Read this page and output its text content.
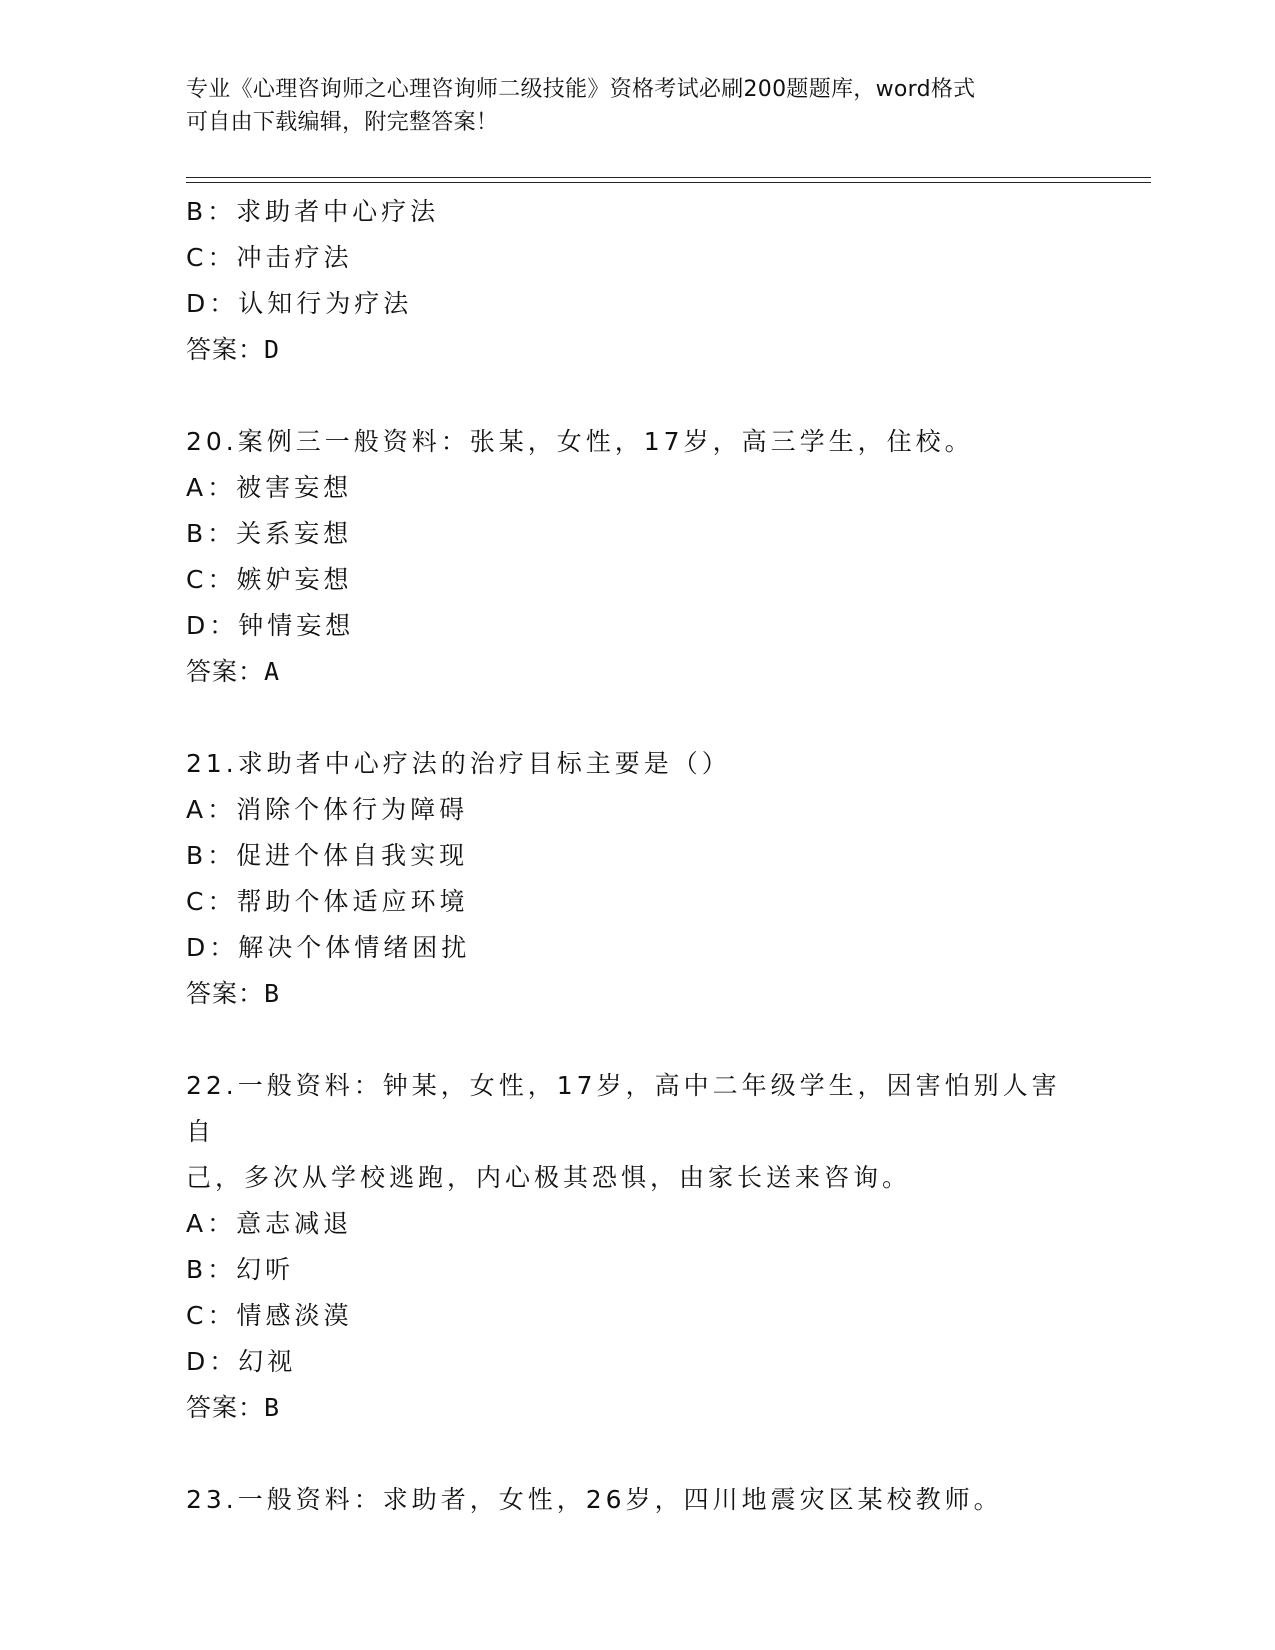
专业《心理咨询师之心理咨询师二级技能》资格考试必刷200题题库，word格式
可自由下载编辑，附完整答案！
B：求助者中心疗法
C：冲击疗法
D：认知行为疗法
答案：D
20.案例三一般资料：张某，女性，17岁，高三学生，住校。
A：被害妄想
B：关系妄想
C：嫉妒妄想
D：钟情妄想
答案：A
21.求助者中心疗法的治疗目标主要是（）
A：消除个体行为障碍
B：促进个体自我实现
C：帮助个体适应环境
D：解决个体情绪困扰
答案：B
22.一般资料：钟某，女性，17岁，高中二年级学生，因害怕别人害自
己，多次从学校逃跑，内心极其恐惧，由家长送来咨询。
A：意志减退
B：幻听
C：情感淡漠
D：幻视
答案：B
23.一般资料：求助者，女性，26岁，四川地震灾区某校教师。
